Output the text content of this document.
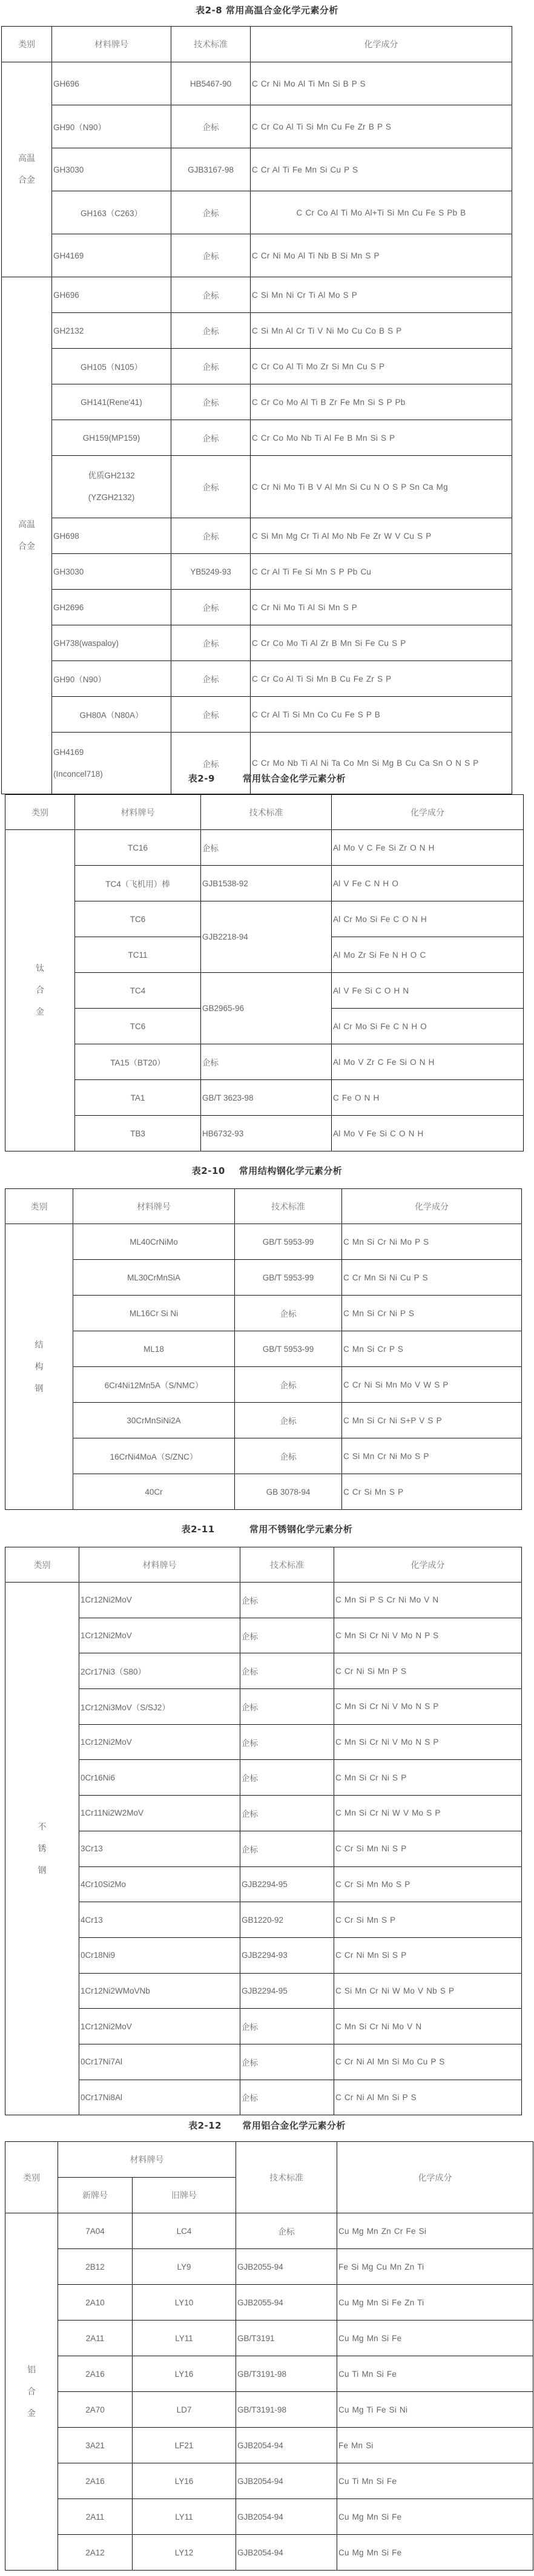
表2-8 常用高温合金化学元素分析
类别	材料牌号	技术标准	化学成分

高温
合金	GH696	HB5467-90	C Cr Ni Mo Al Ti Mn Si B P S
	GH90（N90）	企标	C Cr Co Al Ti Si Mn Cu Fe Zr B P S
	GH3030	GJB3167-98	C Cr Al Ti Fe Mn Si Cu P S
	GH163（C263）	企标	C Cr Co Al Ti Mo Al+Ti Si Mn Cu Fe S Pb B
	GH4169	企标	C Cr Ni Mo Al Ti Nb B Si Mn S P

高温
合金	GH696	企标	C Si Mn Ni Cr Ti Al Mo S P
	GH2132	企标	C Si Mn Al Cr Ti V Ni Mo Cu Co B S P
	GH105（N105）	企标	C Cr Co Al Ti Mo Zr Si Mn Cu S P
	GH141(Rene'41)	企标	C Cr Co Mo Al Ti B Zr Fe Mn Si S P Pb
	GH159(MP159)	企标	C Cr Co Mo Nb Ti Al Fe B Mn Si S P

	优质GH2132
(YZGH2132)	企标	C Cr Ni Mo Ti B V Al Mn Si Cu N O S P Sn Ca Mg
	GH698	企标	C Si Mn Mg Cr Ti Al Mo Nb Fe Zr W V Cu S P
	GH3030	YB5249-93	C Cr Al Ti Fe Si Mn S P Pb Cu
	GH2696	企标	C Cr Ni Mo Ti Al Si Mn S P
	GH738(waspaloy)	企标	C Cr Co Mo Ti Al Zr B Mn Si Fe Cu S P
	GH90（N90）	企标	C Cr Co Al Ti Si Mn B Cu Fe Zr S P
	GH80A（N80A）	企标	C Cr Al Ti Si Mn Co Cu Fe S P B

	GH4169
(Inconcel718)	企标	C Cr Mo Nb Ti Al Ni Ta Co Mn Si Mg B Cu Ca Sn O N S P
表2-9        常用钛合金化学元素分析
类别	材料牌号	技术标准	化学成分

钛
合
金	TC16	企标	Al Mo V C Fe Si Zr O N H
	TC4（飞机用）棒	GJB1538-92	Al V Fe C N H O
	TC6	GJB2218-94	Al Cr Mo Si Fe C O N H
	TC11		Al Mo Zr Si Fe N H O C
	TC4	GB2965-96	Al V Fe Si C O H N
	TC6		Al Cr Mo Si Fe C N H O
	TA15（BT20）	企标	Al Mo V Zr C Fe Si O N H
	TA1	GB/T 3623-98	C Fe O N H
	TB3	HB6732-93	Al Mo V Fe Si C O N H
表2-10    常用结构钢化学元素分析
类别	材料牌号	技术标准	化学成分

结
构
钢	ML40CrNiMo	GB/T 5953-99	C Mn Si Cr Ni Mo P S
	ML30CrMnSiA	GB/T 5953-99	C Cr Mn Si Ni Cu P S
	ML16Cr Si Ni	企标	C Mn Si Cr Ni P S
	ML18	GB/T 5953-99	C Mn Si Cr P S
	6Cr4Ni12Mn5A（S/NMC）	企标	C Cr Ni Si Mn Mo V W S P
	30CrMnSiNi2A	企标	C Mn Si Cr Ni S+P V S P
	16CrNi4MoA（S/ZNC）	企标	C Si Mn Cr Ni Mo S P
	40Cr	GB 3078-94	C Cr Si Mn S P
表2-11          常用不锈钢化学元素分析
类别	材料牌号	技术标准	化学成分

不
锈
钢	1Cr12Ni2MoV	企标	C Mn Si P S Cr Ni Mo V N
	1Cr12Ni2MoV	企标	C Mn Si Cr Ni V Mo N P S
	2Cr17Ni3（S80）	企标	C Cr Ni Si Mn P S
	1Cr12Ni3MoV（S/SJ2）	企标	C Mn Si Cr Ni V Mo N S P
	1Cr12Ni2MoV	企标	C Mn Si Cr Ni V Mo N S P
	0Cr16Ni6	企标	C Mn Si Cr Ni S P
	1Cr11Ni2W2MoV	企标	C Mn Si Cr Ni W V Mo S P
	3Cr13	企标	C Cr Si Mn Ni S P
	4Cr10Si2Mo	GJB2294-95	C Cr Si Mn Mo S P
	4Cr13	GB1220-92	C Cr Si Mn S P
	0Cr18Ni9	GJB2294-93	C Cr Ni Mn Si S P
	1Cr12Ni2WMoVNb	GJB2294-95	C Si Mn Cr Ni W Mo V Nb S P
	1Cr12Ni2MoV	企标	C Mn Si Cr Ni Mo V N
	0Cr17Ni7Al	企标	C Cr Ni Al Mn Si Mo Cu P S
	0Cr17Ni8Al	企标	C Cr Ni Al Mn Si P S
表2-12      常用铝合金化学元素分析
类别	材料牌号		技术标准	化学成分
	新牌号	旧牌号		

铝
合
金	7A04	LC4	企标	Cu Mg Mn Zn Cr Fe Si
	2B12	LY9	GJB2055-94	Fe Si Mg Cu Mn Zn Ti
	2A10	LY10	GJB2055-94	Cu Mg Mn Si Fe Zn Ti
	2A11	LY11	GB/T3191	Cu Mg Mn Si Fe
	2A16	LY16	GB/T3191-98	Cu Ti Mn Si Fe
	2A70	LD7	GB/T3191-98	Cu Mg Ti Fe Si Ni
	3A21	LF21	GJB2054-94	Fe Mn Si
	2A16	LY16	GJB2054-94	Cu Ti Mn Si Fe
	2A11	LY11	GJB2054-94	Cu Mg Mn Si Fe
	2A12	LY12	GJB2054-94	Cu Mg Mn Si Fe
